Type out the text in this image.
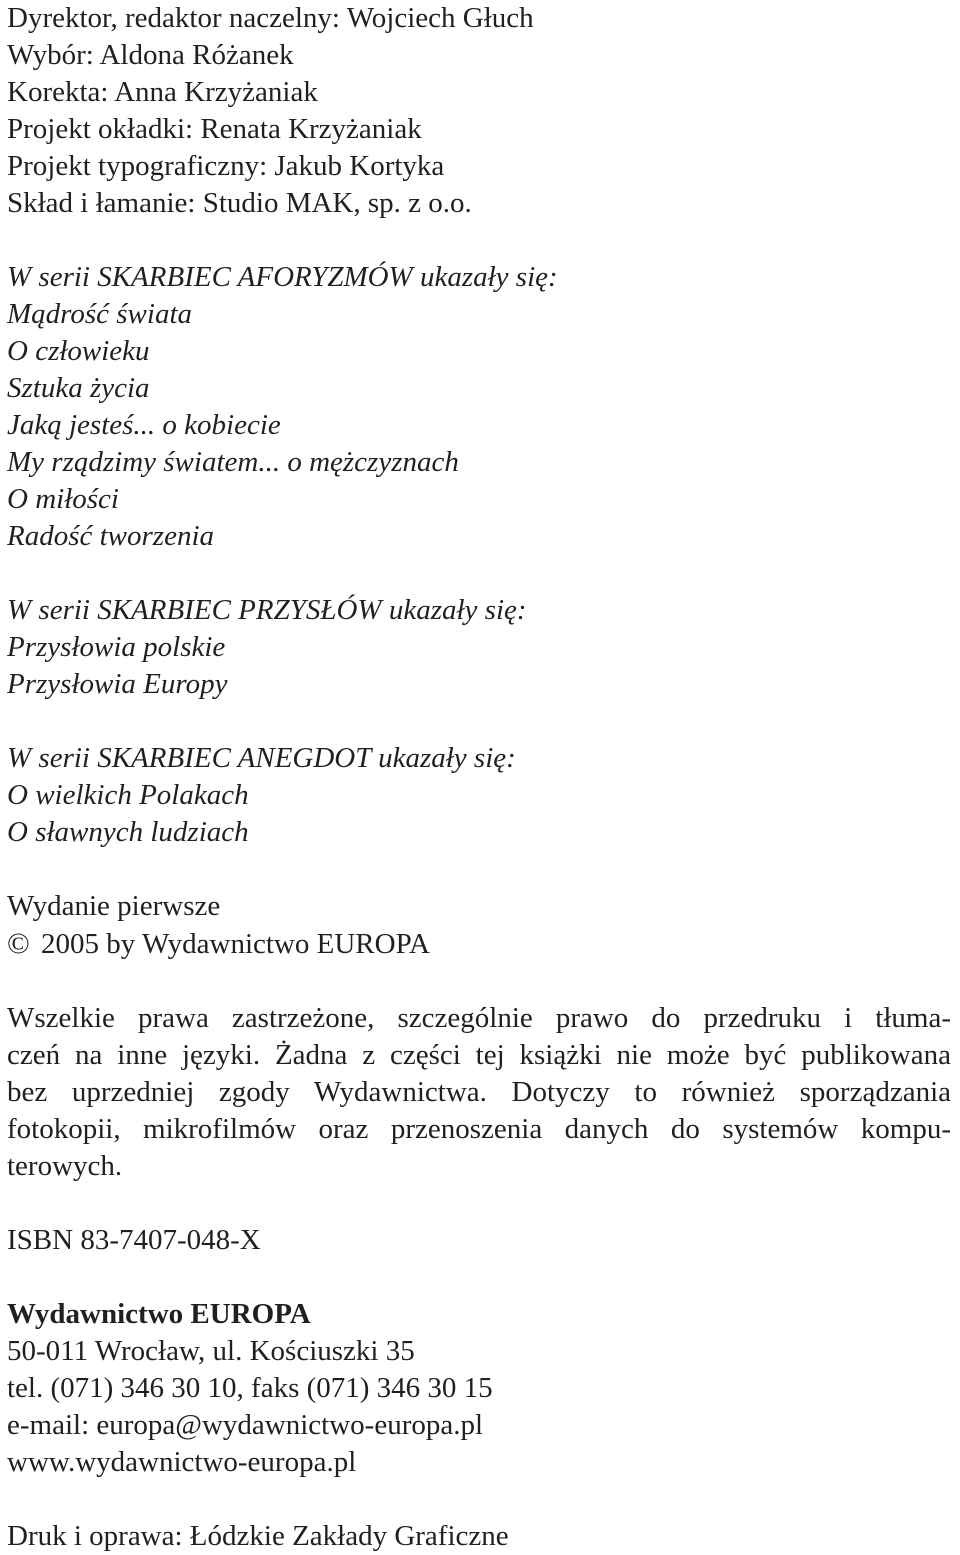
Dyrektor, redaktor naczelny: Wojciech Głuch
Wybór: Aldona Różanek
Korekta: Anna Krzyżaniak
Projekt okładki: Renata Krzyżaniak
Projekt typograficzny: Jakub Kortyka
Skład i łamanie: Studio MAK, sp. z o.o.
W serii SKARBIEC AFORYZMÓW ukazały się:
Mądrość świata
O człowieku
Sztuka życia
Jaką jesteś... o kobiecie
My rządzimy światem... o mężczyznach
O miłości
Radość tworzenia
W serii SKARBIEC PRZYSŁÓW ukazały się:
Przysłowia polskie
Przysłowia Europy
W serii SKARBIEC ANEGDOT ukazały się:
O wielkich Polakach
O sławnych ludziach
Wydanie pierwsze
© 2005 by Wydawnictwo EUROPA
Wszelkie prawa zastrzeżone, szczególnie prawo do przedruku i tłuma-
czeń na inne języki. Żadna z części tej książki nie może być publikowana
bez uprzedniej zgody Wydawnictwa. Dotyczy to również sporządzania
fotokopii, mikrofilmów oraz przenoszenia danych do systemów kompu-
terowych.
ISBN 83-7407-048-X
Wydawnictwo EUROPA
50-011 Wrocław, ul. Kościuszki 35
tel. (071) 346 30 10, faks (071) 346 30 15
e-mail: europa@wydawnictwo-europa.pl
www.wydawnictwo-europa.pl
Druk i oprawa: Łódzkie Zakłady Graficzne
